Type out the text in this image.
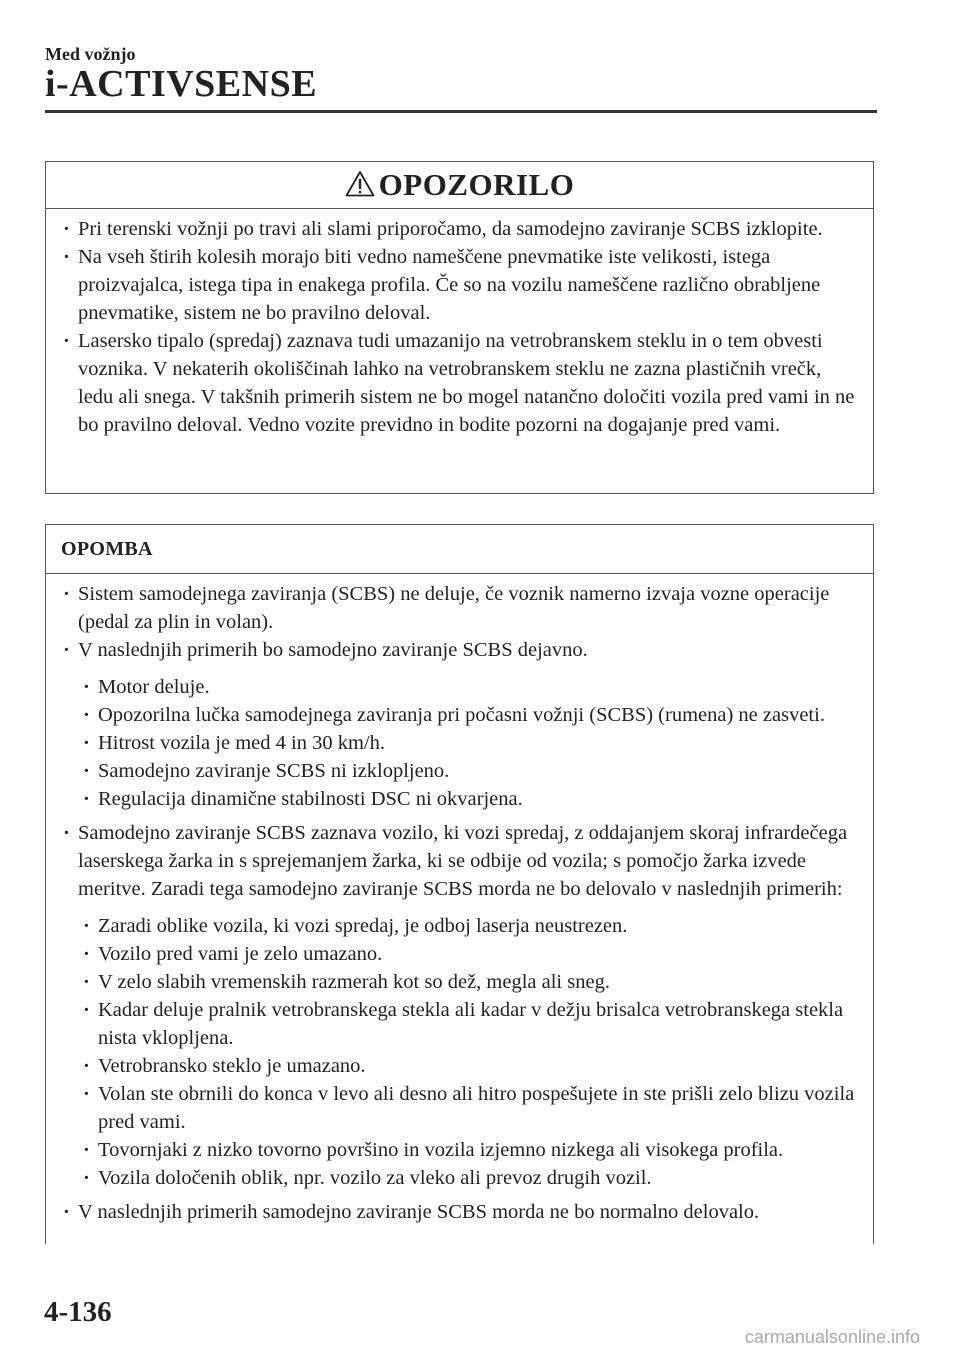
Med vožnjo
i-ACTIVSENSE
OPOZORILO
· Pri terenski vožnji po travi ali slami priporočamo, da samodejno zaviranje SCBS izklopite.
· Na vseh štirih kolesih morajo biti vedno nameščene pnevmatike iste velikosti, istega proizvajalca, istega tipa in enakega profila. Če so na vozilu nameščene različno obrabljene pnevmatike, sistem ne bo pravilno deloval.
· Lasersko tipalo (spredaj) zaznava tudi umazanijo na vetrobranskem steklu in o tem obvesti voznika. V nekaterih okoliščinah lahko na vetrobranskem steklu ne zazna plastičnih vrečk, ledu ali snega. V takšnih primerih sistem ne bo mogel natančno določiti vozila pred vami in ne bo pravilno deloval. Vedno vozite previdno in bodite pozorni na dogajanje pred vami.
OPOMBA
· Sistem samodejnega zaviranja (SCBS) ne deluje, če voznik namerno izvaja vozne operacije (pedal za plin in volan).
· V naslednjih primerih bo samodejno zaviranje SCBS dejavno.
· Motor deluje.
· Opozorilna lučka samodejnega zaviranja pri počasni vožnji (SCBS) (rumena) ne zasveti.
· Hitrost vozila je med 4 in 30 km/h.
· Samodejno zaviranje SCBS ni izklopljeno.
· Regulacija dinamične stabilnosti DSC ni okvarjena.
· Samodejno zaviranje SCBS zaznava vozilo, ki vozi spredaj, z oddajanjem skoraj infrardečega laserskega žarka in s sprejemanjem žarka, ki se odbije od vozila; s pomočjo žarka izvede meritve. Zaradi tega samodejno zaviranje SCBS morda ne bo delovalo v naslednjih primerih:
· Zaradi oblike vozila, ki vozi spredaj, je odboj laserja neustrezen.
· Vozilo pred vami je zelo umazano.
· V zelo slabih vremenskih razmerah kot so dež, megla ali sneg.
· Kadar deluje pralnik vetrobranskega stekla ali kadar v dežju brisalca vetrobranskega stekla nista vklopljena.
· Vetrobransko steklo je umazano.
· Volan ste obrnili do konca v levo ali desno ali hitro pospešujete in ste prišli zelo blizu vozila pred vami.
· Tovornjaki z nizko tovorno površino in vozila izjemno nizkega ali visokega profila.
· Vozila določenih oblik, npr. vozilo za vleko ali prevoz drugih vozil.
· V naslednjih primerih samodejno zaviranje SCBS morda ne bo normalno delovalo.
4-136
carmanualsonline.info
